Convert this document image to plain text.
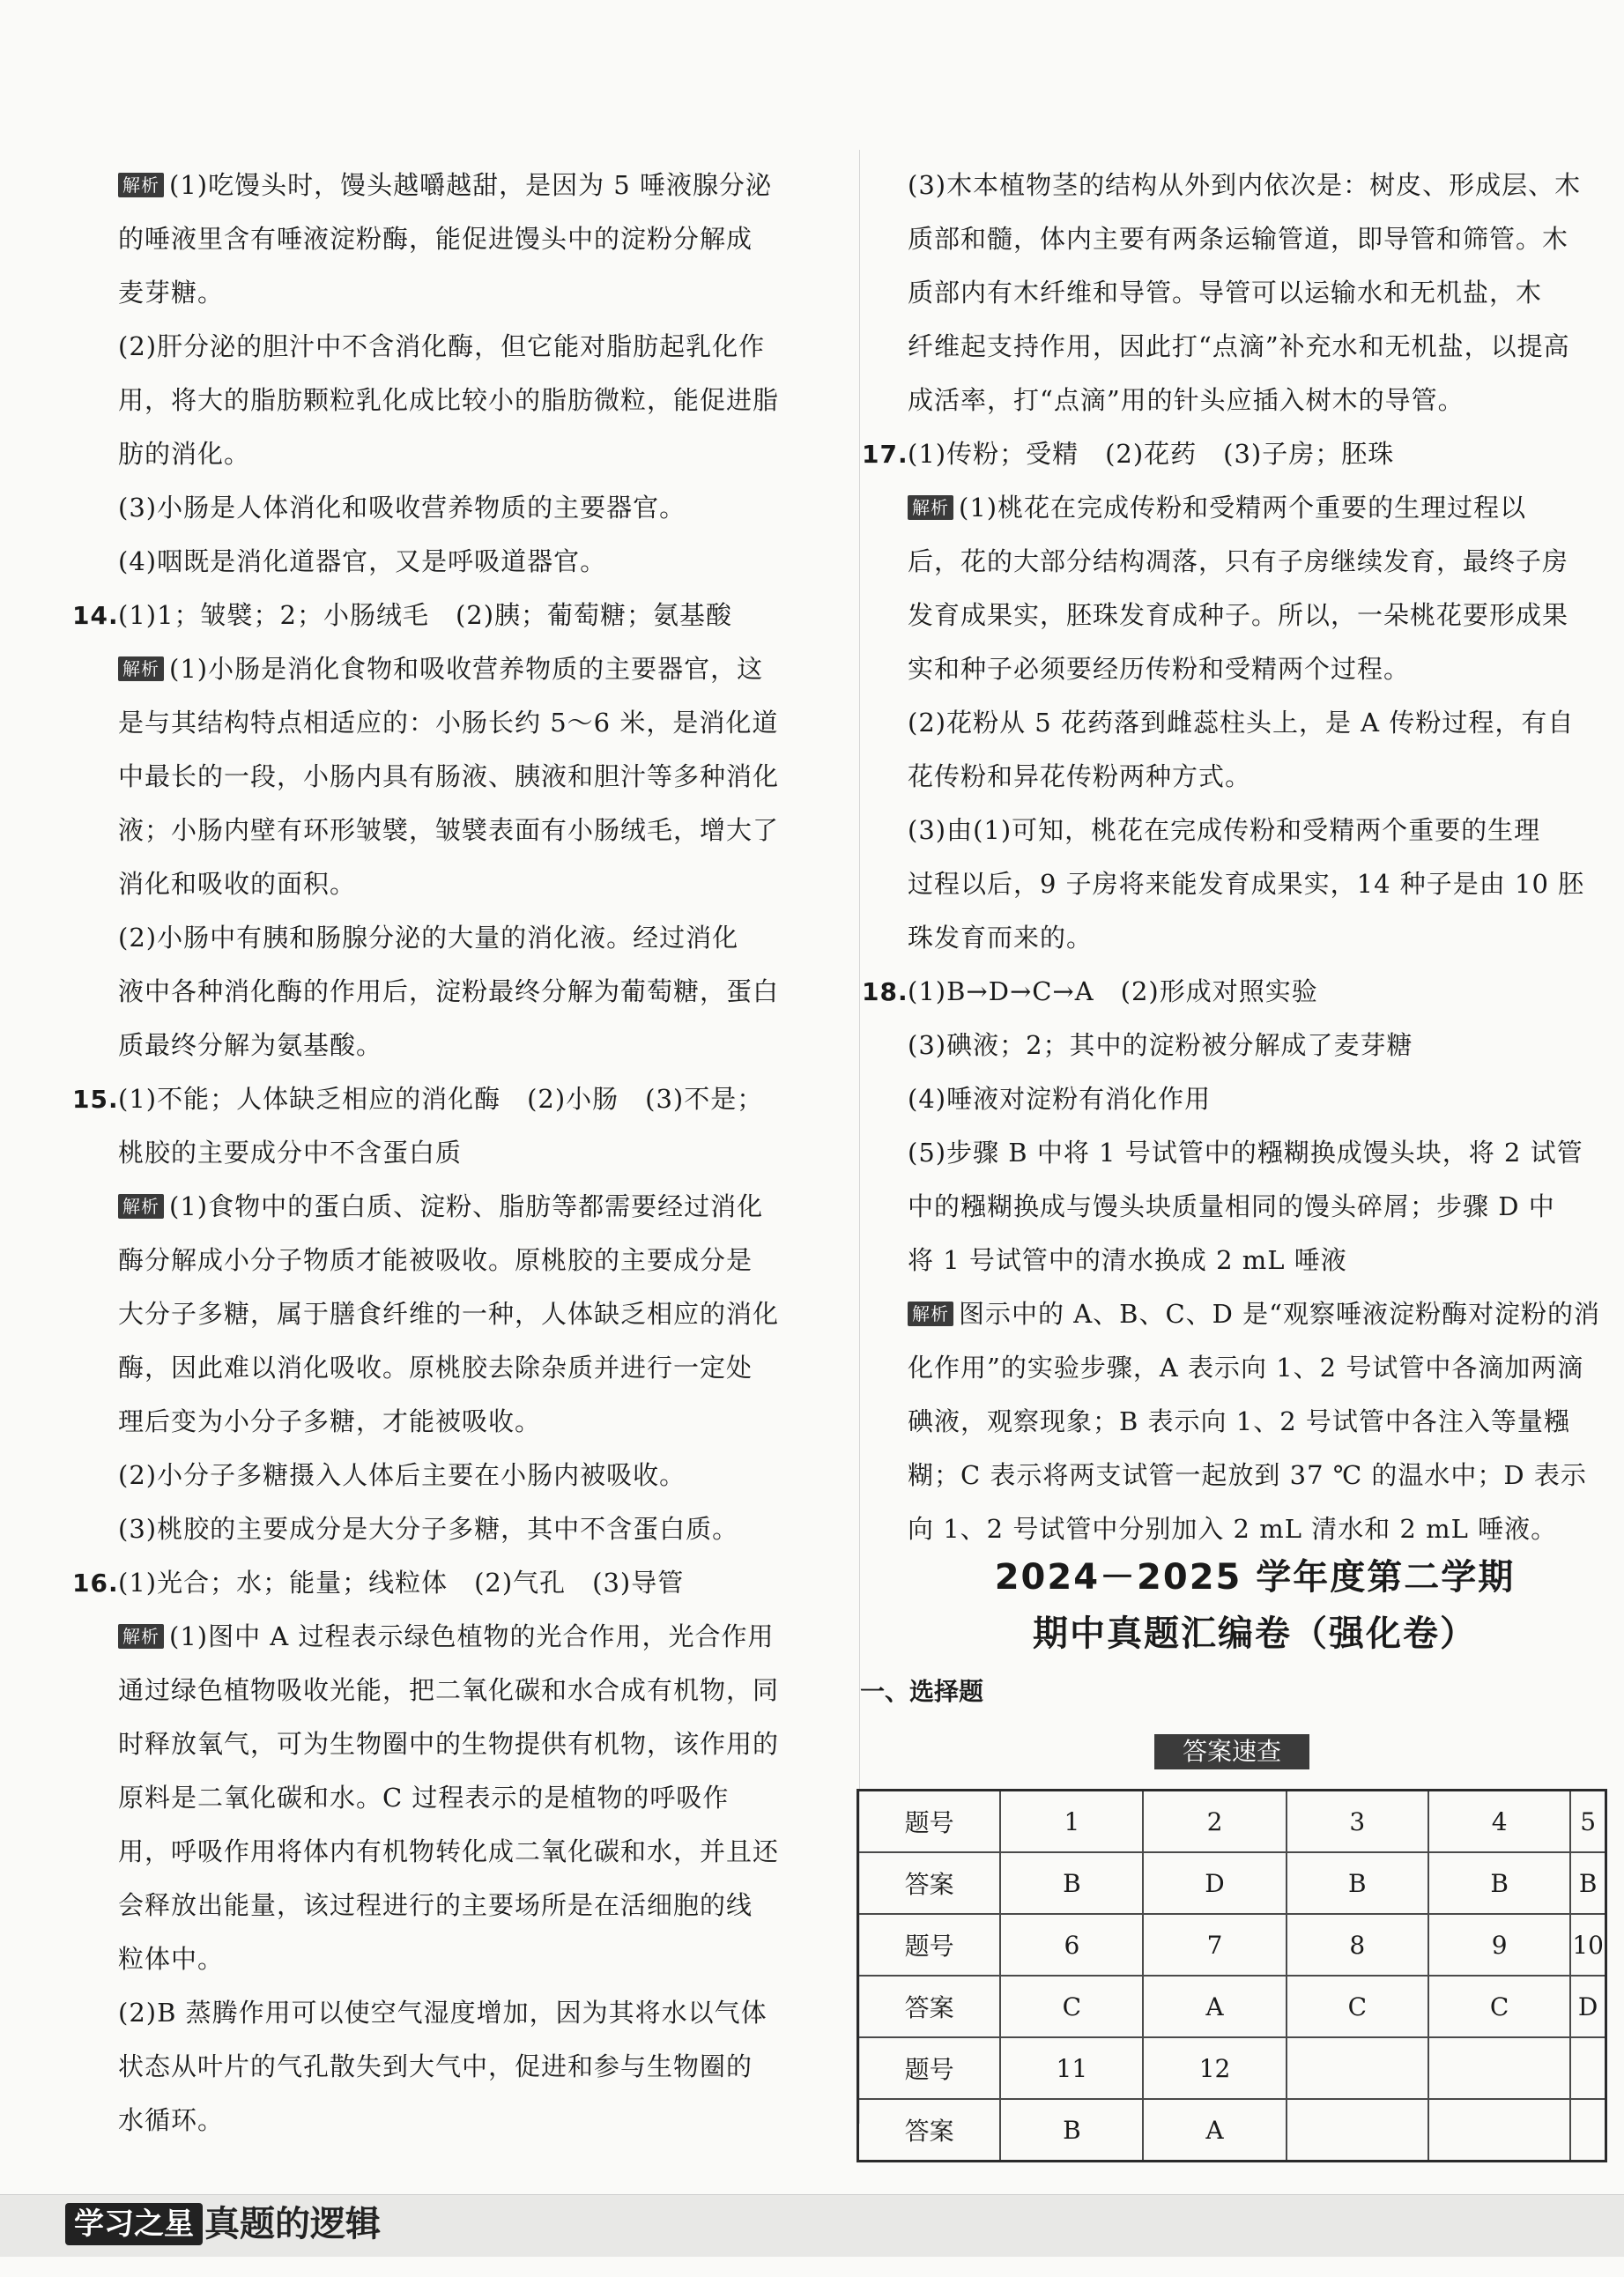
解析 (1)吃馒头时，馒头越嚼越甜，是因为 5 唾液腺分泌

的唾液里含有唾液淀粉酶，能促进馒头中的淀粉分解成

麦芽糖。

(2)肝分泌的胆汁中不含消化酶，但它能对脂肪起乳化作

用，将大的脂肪颗粒乳化成比较小的脂肪微粒，能促进脂

肪的消化。

(3)小肠是人体消化和吸收营养物质的主要器官。

(4)咽既是消化道器官，又是呼吸道器官。

14.(1)1；皱襞；2；小肠绒毛　(2)胰；葡萄糖；氨基酸

解析 (1)小肠是消化食物和吸收营养物质的主要器官，这

是与其结构特点相适应的：小肠长约 5～6 米，是消化道

中最长的一段，小肠内具有肠液、胰液和胆汁等多种消化

液；小肠内壁有环形皱襞，皱襞表面有小肠绒毛，增大了

消化和吸收的面积。

(2)小肠中有胰和肠腺分泌的大量的消化液。经过消化

液中各种消化酶的作用后，淀粉最终分解为葡萄糖，蛋白

质最终分解为氨基酸。

15.(1)不能；人体缺乏相应的消化酶　(2)小肠　(3)不是；

桃胶的主要成分中不含蛋白质

解析 (1)食物中的蛋白质、淀粉、脂肪等都需要经过消化

酶分解成小分子物质才能被吸收。原桃胶的主要成分是

大分子多糖，属于膳食纤维的一种，人体缺乏相应的消化

酶，因此难以消化吸收。原桃胶去除杂质并进行一定处

理后变为小分子多糖，才能被吸收。

(2)小分子多糖摄入人体后主要在小肠内被吸收。

(3)桃胶的主要成分是大分子多糖，其中不含蛋白质。

16.(1)光合；水；能量；线粒体　(2)气孔　(3)导管

解析 (1)图中 A 过程表示绿色植物的光合作用，光合作用

通过绿色植物吸收光能，把二氧化碳和水合成有机物，同

时释放氧气，可为生物圈中的生物提供有机物，该作用的

原料是二氧化碳和水。C 过程表示的是植物的呼吸作

用，呼吸作用将体内有机物转化成二氧化碳和水，并且还

会释放出能量，该过程进行的主要场所是在活细胞的线

粒体中。

(2)B 蒸腾作用可以使空气湿度增加，因为其将水以气体

状态从叶片的气孔散失到大气中，促进和参与生物圈的

水循环。

(3)木本植物茎的结构从外到内依次是：树皮、形成层、木

质部和髓，体内主要有两条运输管道，即导管和筛管。木

质部内有木纤维和导管。导管可以运输水和无机盐，木

纤维起支持作用，因此打“点滴”补充水和无机盐，以提高

成活率，打“点滴”用的针头应插入树木的导管。

17.(1)传粉；受精　(2)花药　(3)子房；胚珠

解析 (1)桃花在完成传粉和受精两个重要的生理过程以

后，花的大部分结构凋落，只有子房继续发育，最终子房

发育成果实，胚珠发育成种子。所以，一朵桃花要形成果

实和种子必须要经历传粉和受精两个过程。

(2)花粉从 5 花药落到雌蕊柱头上，是 A 传粉过程，有自

花传粉和异花传粉两种方式。

(3)由(1)可知，桃花在完成传粉和受精两个重要的生理

过程以后，9 子房将来能发育成果实，14 种子是由 10 胚

珠发育而来的。

18.(1)B→D→C→A　(2)形成对照实验

(3)碘液；2；其中的淀粉被分解成了麦芽糖

(4)唾液对淀粉有消化作用

(5)步骤 B 中将 1 号试管中的糨糊换成馒头块，将 2 试管

中的糨糊换成与馒头块质量相同的馒头碎屑；步骤 D 中

将 1 号试管中的清水换成 2 mL 唾液

解析 图示中的 A、B、C、D 是“观察唾液淀粉酶对淀粉的消

化作用”的实验步骤，A 表示向 1、2 号试管中各滴加两滴

碘液，观察现象；B 表示向 1、2 号试管中各注入等量糨

糊；C 表示将两支试管一起放到 37 ℃ 的温水中；D 表示

向 1、2 号试管中分别加入 2 mL 清水和 2 mL 唾液。

2024－2025 学年度第二学期
期中真题汇编卷（强化卷）
一、选择题
答案速查
题号	1	2	3	4	5
答案	B	D	B	B	B
题号	6	7	8	9	10
答案	C	A	C	C	D
题号	11	12			
答案	B	A			
学习之星 真题的逻辑
